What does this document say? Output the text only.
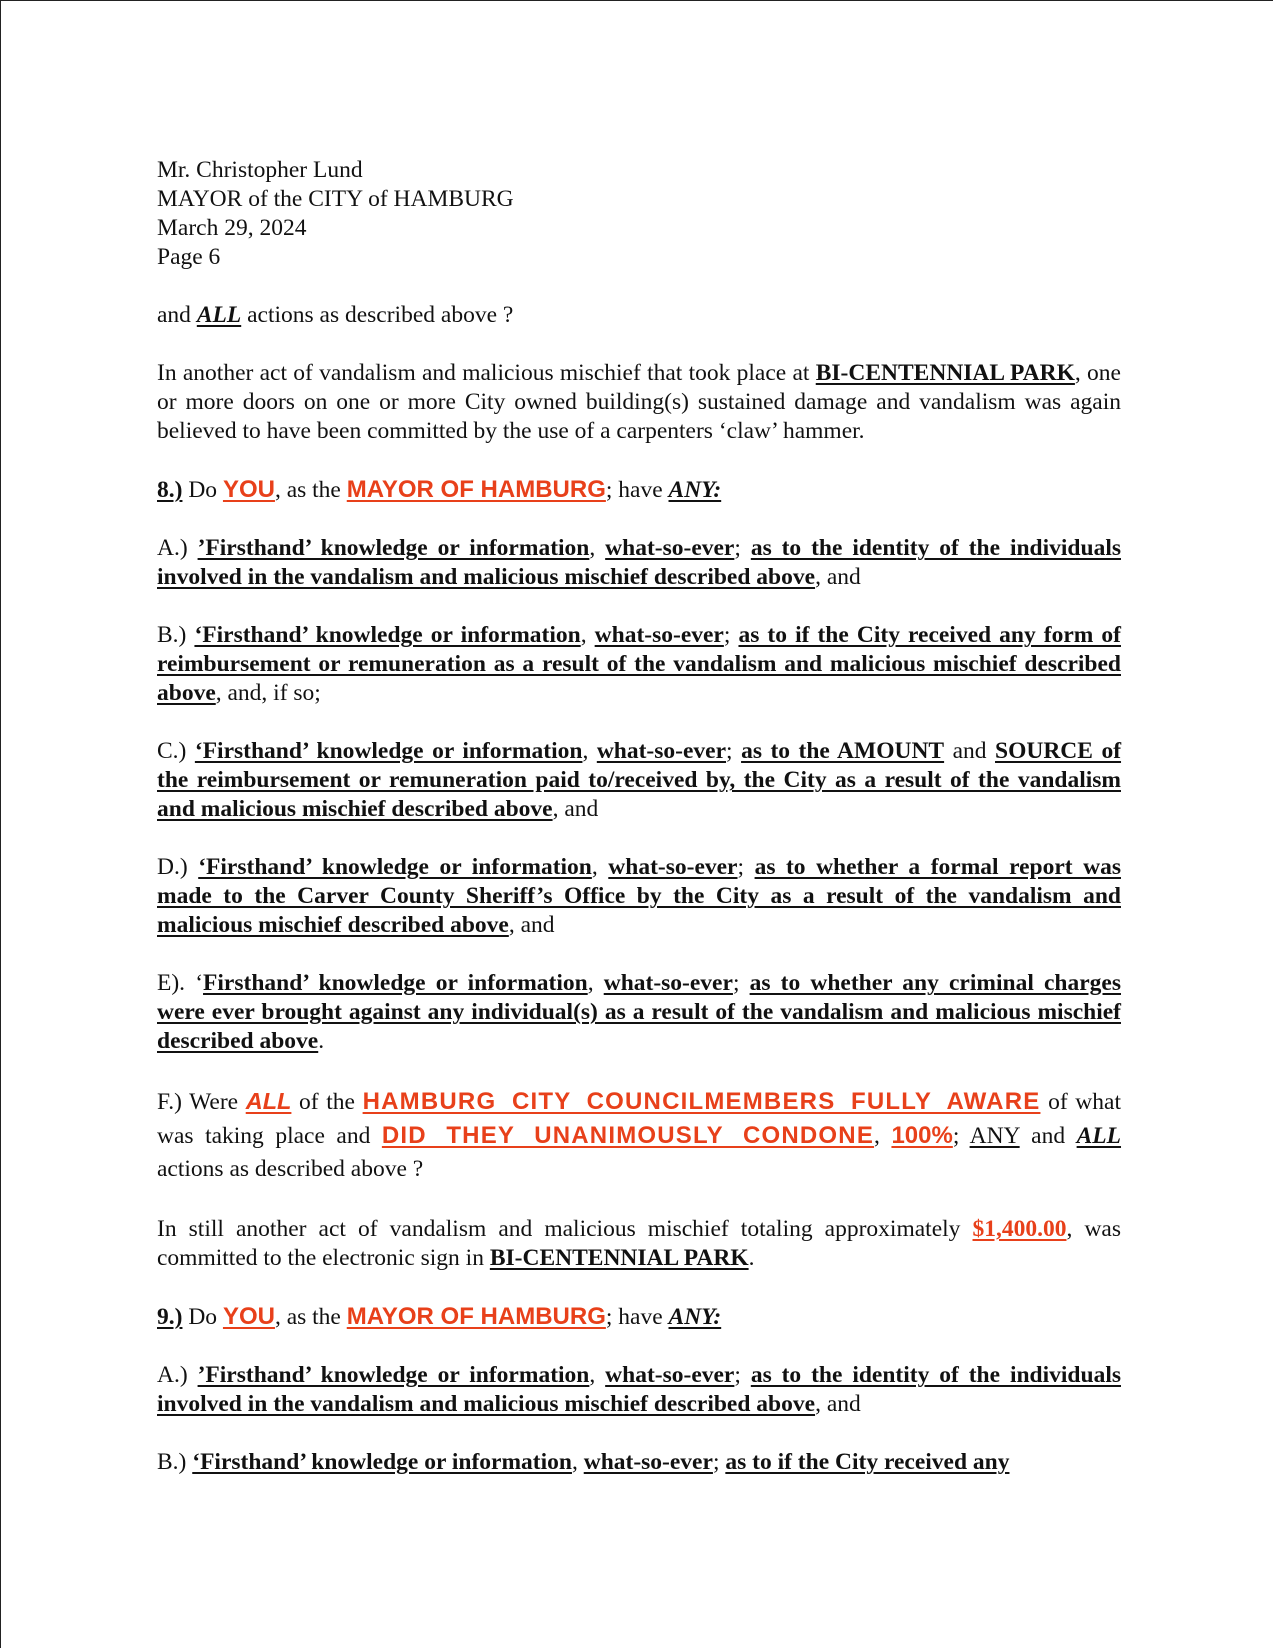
Mr. Christopher Lund
MAYOR of the CITY of HAMBURG
March 29, 2024
Page 6

and ALL actions as described above ?

In another act of vandalism and malicious mischief that took place at BI-CENTENNIAL PARK, one or more doors on one or more City owned building(s) sustained damage and vandalism was again believed to have been committed by the use of a carpenters ‘claw’ hammer.

8.) Do YOU, as the MAYOR OF HAMBURG; have ANY:

A.) ’Firsthand’ knowledge or information, what-so-ever; as to the identity of the individuals involved in the vandalism and malicious mischief described above, and

B.) ‘Firsthand’ knowledge or information, what-so-ever; as to if the City received any form of reimbursement or remuneration as a result of the vandalism and malicious mischief described above, and, if so;

C.) ‘Firsthand’ knowledge or information, what-so-ever; as to the AMOUNT and SOURCE of the reimbursement or remuneration paid to/received by, the City as a result of the vandalism and malicious mischief described above, and

D.) ‘Firsthand’ knowledge or information, what-so-ever; as to whether a formal report was made to the Carver County Sheriff’s Office by the City as a result of the vandalism and malicious mischief described above, and

E). ‘Firsthand’ knowledge or information, what-so-ever; as to whether any criminal charges were ever brought against any individual(s) as a result of the vandalism and malicious mischief described above.

F.) Were ALL of the HAMBURG CITY COUNCILMEMBERS FULLY AWARE of what was taking place and DID THEY UNANIMOUSLY CONDONE, 100%; ANY and ALL actions as described above ?

In still another act of vandalism and malicious mischief totaling approximately $1,400.00, was committed to the electronic sign in BI-CENTENNIAL PARK.

9.) Do YOU, as the MAYOR OF HAMBURG; have ANY:

A.) ’Firsthand’ knowledge or information, what-so-ever; as to the identity of the individuals involved in the vandalism and malicious mischief described above, and

B.) ‘Firsthand’ knowledge or information, what-so-ever; as to if the City received any
